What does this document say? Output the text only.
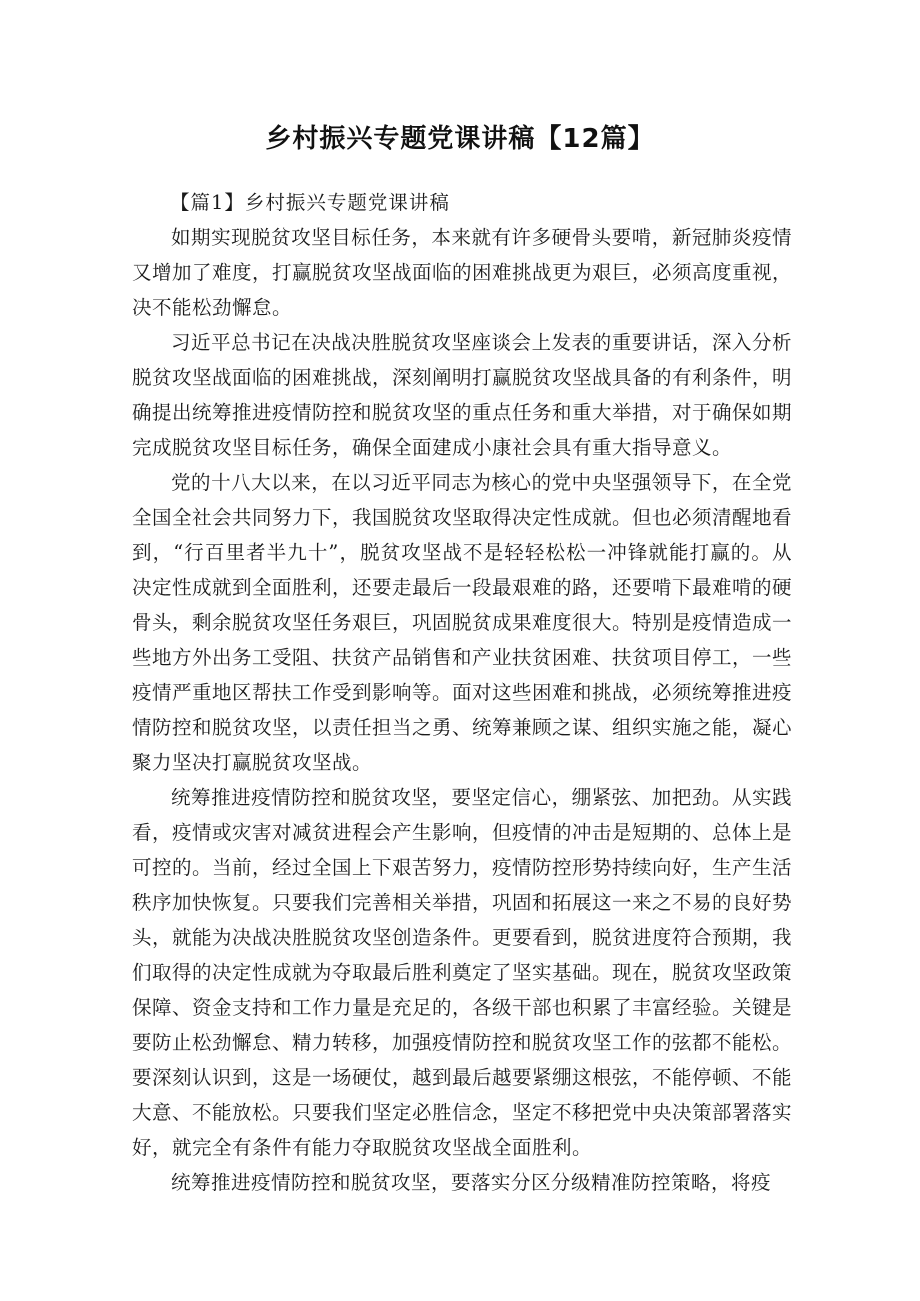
乡村振兴专题党课讲稿【12篇】

【篇1】乡村振兴专题党课讲稿

如期实现脱贫攻坚目标任务，本来就有许多硬骨头要啃，新冠肺炎疫情又增加了难度，打赢脱贫攻坚战面临的困难挑战更为艰巨，必须高度重视，决不能松劲懈怠。

习近平总书记在决战决胜脱贫攻坚座谈会上发表的重要讲话，深入分析脱贫攻坚战面临的困难挑战，深刻阐明打赢脱贫攻坚战具备的有利条件，明确提出统筹推进疫情防控和脱贫攻坚的重点任务和重大举措，对于确保如期完成脱贫攻坚目标任务，确保全面建成小康社会具有重大指导意义。

党的十八大以来，在以习近平同志为核心的党中央坚强领导下，在全党全国全社会共同努力下，我国脱贫攻坚取得决定性成就。但也必须清醒地看到，“行百里者半九十”，脱贫攻坚战不是轻轻松松一冲锋就能打赢的。从决定性成就到全面胜利，还要走最后一段最艰难的路，还要啃下最难啃的硬骨头，剩余脱贫攻坚任务艰巨，巩固脱贫成果难度很大。特别是疫情造成一些地方外出务工受阻、扶贫产品销售和产业扶贫困难、扶贫项目停工，一些疫情严重地区帮扶工作受到影响等。面对这些困难和挑战，必须统筹推进疫情防控和脱贫攻坚，以责任担当之勇、统筹兼顾之谋、组织实施之能，凝心聚力坚决打赢脱贫攻坚战。

统筹推进疫情防控和脱贫攻坚，要坚定信心，绷紧弦、加把劲。从实践看，疫情或灾害对减贫进程会产生影响，但疫情的冲击是短期的、总体上是可控的。当前，经过全国上下艰苦努力，疫情防控形势持续向好，生产生活秩序加快恢复。只要我们完善相关举措，巩固和拓展这一来之不易的良好势头，就能为决战决胜脱贫攻坚创造条件。更要看到，脱贫进度符合预期，我们取得的决定性成就为夺取最后胜利奠定了坚实基础。现在，脱贫攻坚政策保障、资金支持和工作力量是充足的，各级干部也积累了丰富经验。关键是要防止松劲懈怠、精力转移，加强疫情防控和脱贫攻坚工作的弦都不能松。要深刻认识到，这是一场硬仗，越到最后越要紧绷这根弦，不能停顿、不能大意、不能放松。只要我们坚定必胜信念，坚定不移把党中央决策部署落实好，就完全有条件有能力夺取脱贫攻坚战全面胜利。

统筹推进疫情防控和脱贫攻坚，要落实分区分级精准防控策略，将疫
